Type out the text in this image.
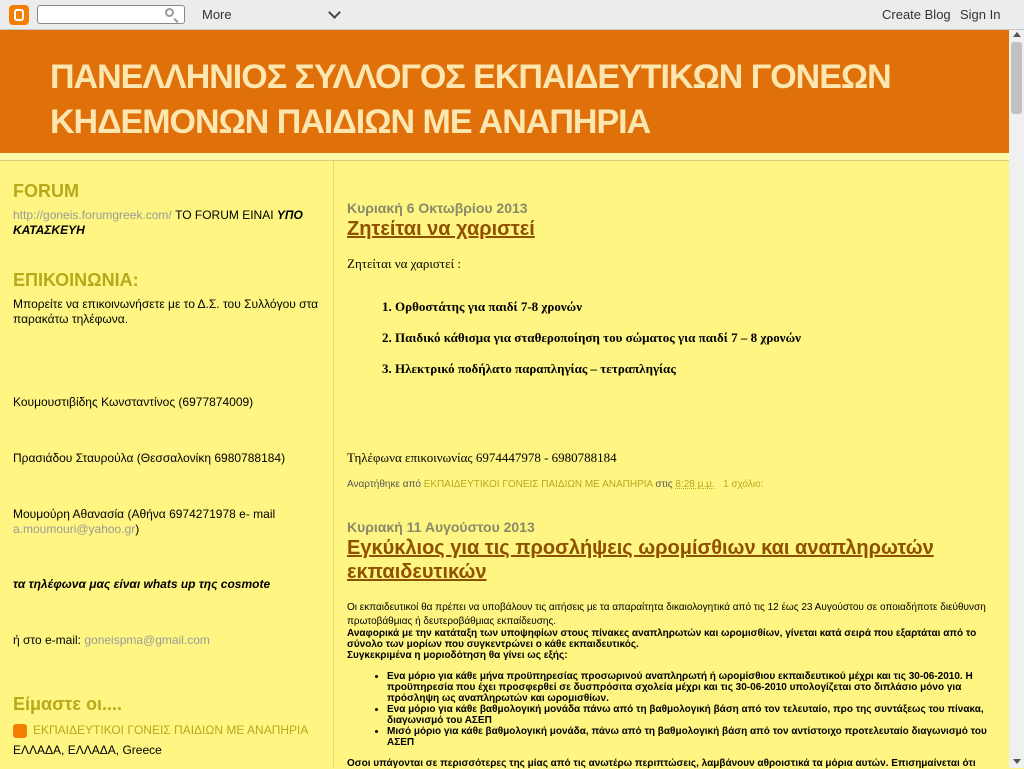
More	Create Blog Sign In
ΠΑΝΕΛΛΗΝΙΟΣ ΣΥΛΛΟΓΟΣ ΕΚΠΑΙΔΕΥΤΙΚΩΝ ΓΟΝΕΩΝ ΚΗΔΕΜΟΝΩΝ ΠΑΙΔΙΩΝ ΜΕ ΑΝΑΠΗΡΙΑ
FORUM
http://goneis.forumgreek.com/ ΤΟ FORUM ΕΙΝΑΙ ΥΠΟ ΚΑΤΑΣΚΕΥΗ
ΕΠΙΚΟΙΝΩΝΙΑ:
Μπορείτε να επικοινωνήσετε με το Δ.Σ. του Συλλόγου στα παρακάτω τηλέφωνα.
Κουμουστιβίδης Κωνσταντίνος (6977874009)
Πρασιάδου Σταυρούλα (Θεσσαλονίκη 6980788184)
Μουμούρη Αθανασία (Αθήνα 6974271978 e- mail a.moumouri@yahoo.gr)
τα τηλέφωνα μας είναι whats up της cosmote
ή στο e-mail: goneispma@gmail.com
Είμαστε οι....
ΕΚΠΑΙΔΕΥΤΙΚΟΙ ΓΟΝΕΙΣ ΠΑΙΔΙΩΝ ΜΕ ΑΝΑΠΗΡΙΑ
ΕΛΛΑΔΑ, ΕΛΛΑΔΑ, Greece
Κυριακή 6 Οκτωβρίου 2013
Ζητείται να χαριστεί
Ζητείται να χαριστεί :
1. Ορθοστάτης για παιδί 7-8 χρονών
2. Παιδικό κάθισμα για σταθεροποίηση του σώματος για παιδί 7 – 8 χρονών
3. Ηλεκτρικό ποδήλατο παραπληγίας – τετραπληγίας
Τηλέφωνα επικοινωνίας 6974447978 - 6980788184
Αναρτήθηκε από ΕΚΠΑΙΔΕΥΤΙΚΟΙ ΓΟΝΕΙΣ ΠΑΙΔΙΩΝ ΜΕ ΑΝΑΠΗΡΙΑ στις 8:28 μ.μ. 1 σχόλιο:
Κυριακή 11 Αυγούστου 2013
Εγκύκλιος για τις προσλήψεις ωρομίσθιων και αναπληρωτών εκπαιδευτικών
Οι εκπαιδευτικοί θα πρέπει να υποβάλουν τις αιτήσεις με τα απαραίτητα δικαιολογητικά από τις 12 έως 23 Αυγούστου σε οποιαδήποτε διεύθυνση πρωτοβάθμιας ή δευτεροβάθμιας εκπαίδευσης.
Αναφορικά με την κατάταξη των υποψηφίων στους πίνακες αναπληρωτών και ωρομισθίων, γίνεται κατά σειρά που εξαρτάται από το σύνολο των μορίων που συγκεντρώνει ο κάθε εκπαιδευτικός.
Συγκεκριμένα η μοριοδότηση θα γίνει ως εξής:
• Ενα μόριο για κάθε μήνα προϋπηρεσίας προσωρινού αναπληρωτή ή ωρομίσθιου εκπαιδευτικού μέχρι και τις 30-06-2010. Η προϋπηρεσία που έχει προσφερθεί σε δυσπρόσιτα σχολεία μέχρι και τις 30-06-2010 υπολογίζεται στο διπλάσιο μόνο για πρόσληψη ως αναπληρωτών και ωρομισθίων.
• Ενα μόριο για κάθε βαθμολογική μονάδα πάνω από τη βαθμολογική βάση από τον τελευταίο, προ της συντάξεως του πίνακα, διαγωνισμό του ΑΣΕΠ
• Μισό μόριο για κάθε βαθμολογική μονάδα, πάνω από τη βαθμολογική βάση από τον αντίστοιχο προτελευταίο διαγωνισμό του ΑΣΕΠ
Οσοι υπάγονται σε περισσότερες της μίας από τις ανωτέρω περιπτώσεις, λαμβάνουν αθροιστικά τα μόρια αυτών. Επισημαίνεται ότι
